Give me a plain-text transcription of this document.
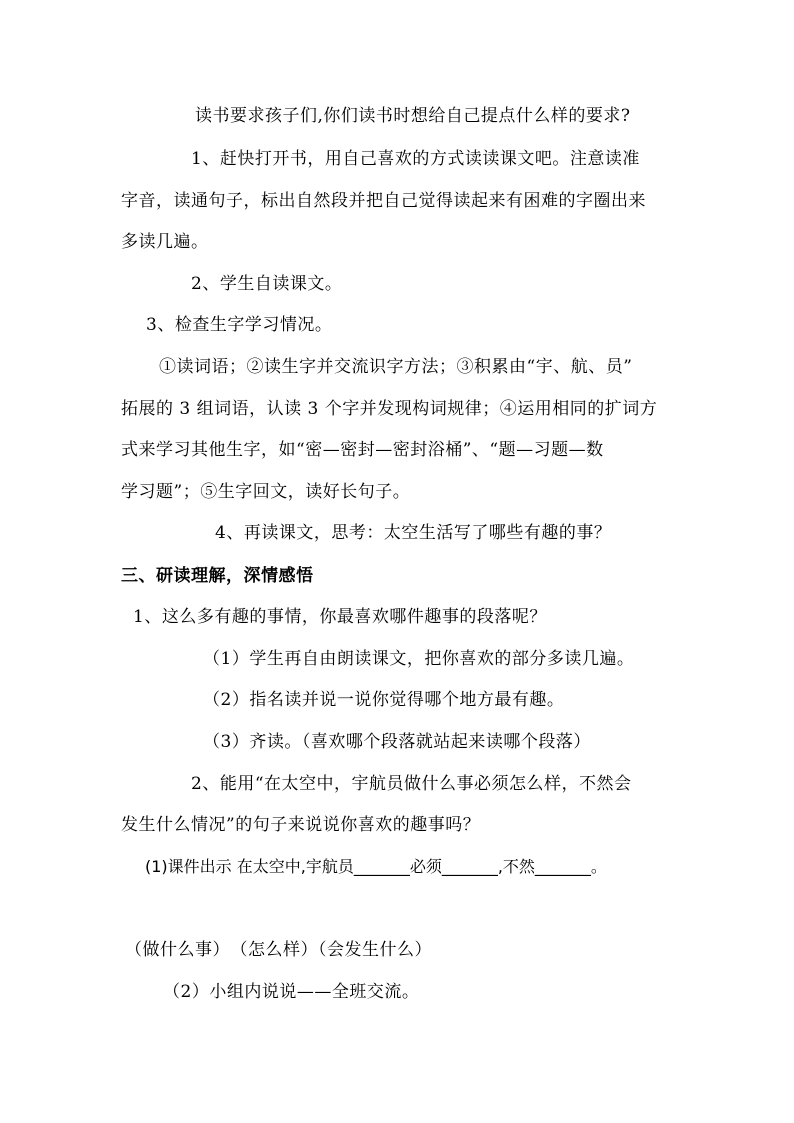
读书要求孩子们,你们读书时想给自己提点什么样的要求?
1、赶快打开书，用自己喜欢的方式读读课文吧。注意读准
字音，读通句子，标出自然段并把自己觉得读起来有困难的字圈出来
多读几遍。
2、学生自读课文。
3、检查生字学习情况。
①读词语；②读生字并交流识字方法；③积累由“宇、航、员”
拓展的 3 组词语，认读 3 个字并发现构词规律；④运用相同的扩词方
式来学习其他生字，如“密—密封—密封浴桶”、“题—习题—数
学习题”；⑤生字回文，读好长句子。
4、再读课文，思考：太空生活写了哪些有趣的事？
三、研读理解，深情感悟
1、这么多有趣的事情，你最喜欢哪件趣事的段落呢？
（1）学生再自由朗读课文，把你喜欢的部分多读几遍。
（2）指名读并说一说你觉得哪个地方最有趣。
（3）齐读。（喜欢哪个段落就站起来读哪个段落）
2、能用“在太空中，宇航员做什么事必须怎么样，不然会
发生什么情况”的句子来说说你喜欢的趣事吗？
(1)课件出示 在太空中,宇航员_______必须_______,不然_______。
（做什么事）　（怎么样）（会发生什么）
（2）小组内说说——全班交流。
